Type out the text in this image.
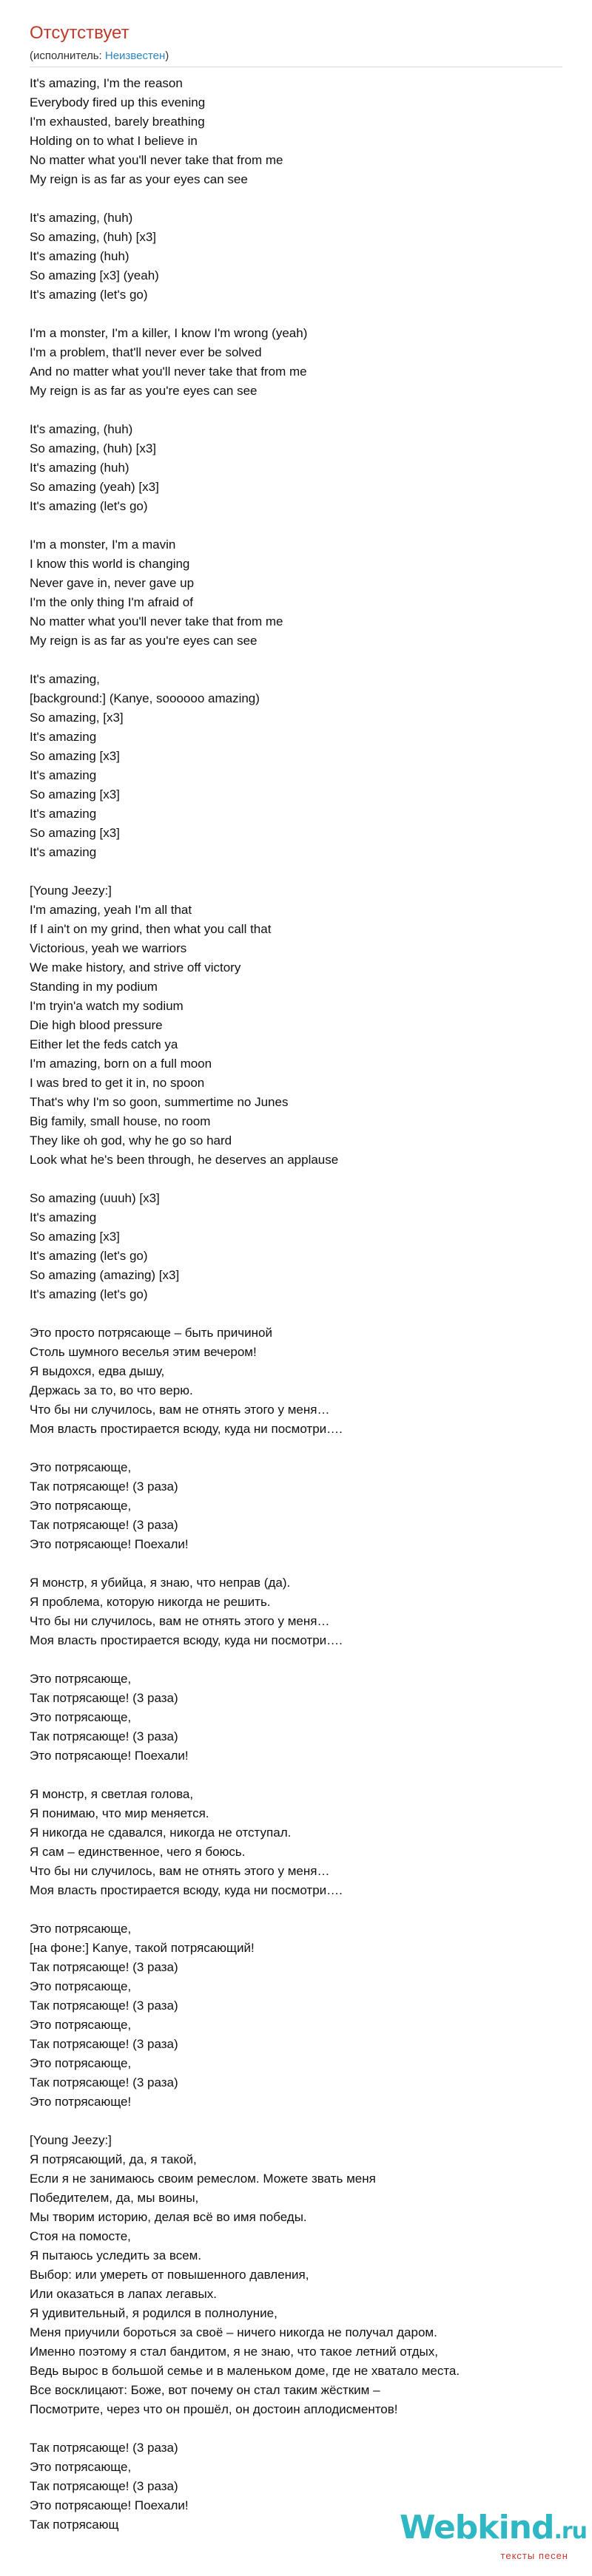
Отсутствует
(исполнитель: Неизвестен)
It's amazing, I'm the reason
Everybody fired up this evening
I'm exhausted, barely breathing
Holding on to what I believe in
No matter what you'll never take that from me
My reign is as far as your eyes can see
It's amazing, (huh)
So amazing, (huh) [x3]
It's amazing (huh)
So amazing [x3] (yeah)
It's amazing (let's go)
I'm a monster, I'm a killer, I know I'm wrong (yeah)
I'm a problem, that'll never ever be solved
And no matter what you'll never take that from me
My reign is as far as you're eyes can see
It's amazing, (huh)
So amazing, (huh) [x3]
It's amazing (huh)
So amazing (yeah) [x3]
It's amazing (let's go)
I'm a monster, I'm a mavin
I know this world is changing
Never gave in, never gave up
I'm the only thing I'm afraid of
No matter what you'll never take that from me
My reign is as far as you're eyes can see
It's amazing,
[background:] (Kanye, soooooo amazing)
So amazing, [x3]
It's amazing
So amazing [x3]
It's amazing
So amazing [x3]
It's amazing
So amazing [x3]
It's amazing
[Young Jeezy:]
I'm amazing, yeah I'm all that
If I ain't on my grind, then what you call that
Victorious, yeah we warriors
We make history, and strive off victory
Standing in my podium
I'm tryin'a watch my sodium
Die high blood pressure
Either let the feds catch ya
I'm amazing, born on a full moon
I was bred to get it in, no spoon
That's why I'm so goon, summertime no Junes
Big family, small house, no room
They like oh god, why he go so hard
Look what he's been through, he deserves an applause
So amazing (uuuh) [x3]
It's amazing
So amazing [x3]
It's amazing (let's go)
So amazing (amazing) [x3]
It's amazing (let's go)
Это просто потрясающе – быть причиной
Столь шумного веселья этим вечером!
Я выдохся, едва дышу,
Держась за то, во что верю.
Что бы ни случилось, вам не отнять этого у меня…
Моя власть простирается всюду, куда ни посмотри….
Это потрясающе,
Так потрясающе! (3 раза)
Это потрясающе,
Так потрясающе! (3 раза)
Это потрясающе! Поехали!
Я монстр, я убийца, я знаю, что неправ (да).
Я проблема, которую никогда не решить.
Что бы ни случилось, вам не отнять этого у меня…
Моя власть простирается всюду, куда ни посмотри….
Это потрясающе,
Так потрясающе! (3 раза)
Это потрясающе,
Так потрясающе! (3 раза)
Это потрясающе! Поехали!
Я монстр, я светлая голова,
Я понимаю, что мир меняется.
Я никогда не сдавался, никогда не отступал.
Я сам – единственное, чего я боюсь.
Что бы ни случилось, вам не отнять этого у меня…
Моя власть простирается всюду, куда ни посмотри….
Это потрясающе,
[на фоне:] Kanye, такой потрясающий!
Так потрясающе! (3 раза)
Это потрясающе,
Так потрясающе! (3 раза)
Это потрясающе,
Так потрясающе! (3 раза)
Это потрясающе,
Так потрясающе! (3 раза)
Это потрясающе!
[Young Jeezy:]
Я потрясающий, да, я такой,
Если я не занимаюсь своим ремеслом. Можете звать меня
Победителем, да, мы воины,
Мы творим историю, делая всё во имя победы.
Стоя на помосте,
Я пытаюсь уследить за всем.
Выбор: или умереть от повышенного давления,
Или оказаться в лапах легавых.
Я удивительный, я родился в полнолуние,
Меня приучили бороться за своё – ничего никогда не получал даром.
Именно поэтому я стал бандитом, я не знаю, что такое летний отдых,
Ведь вырос в большой семье и в маленьком доме, где не хватало места.
Все восклицают: Боже, вот почему он стал таким жёстким –
Посмотрите, через что он прошёл, он достоин аплодисментов!
Так потрясающе! (3 раза)
Это потрясающе,
Так потрясающе! (3 раза)
Это потрясающе! Поехали!
Так потрясающ	Webkind.ru
тексты песен
